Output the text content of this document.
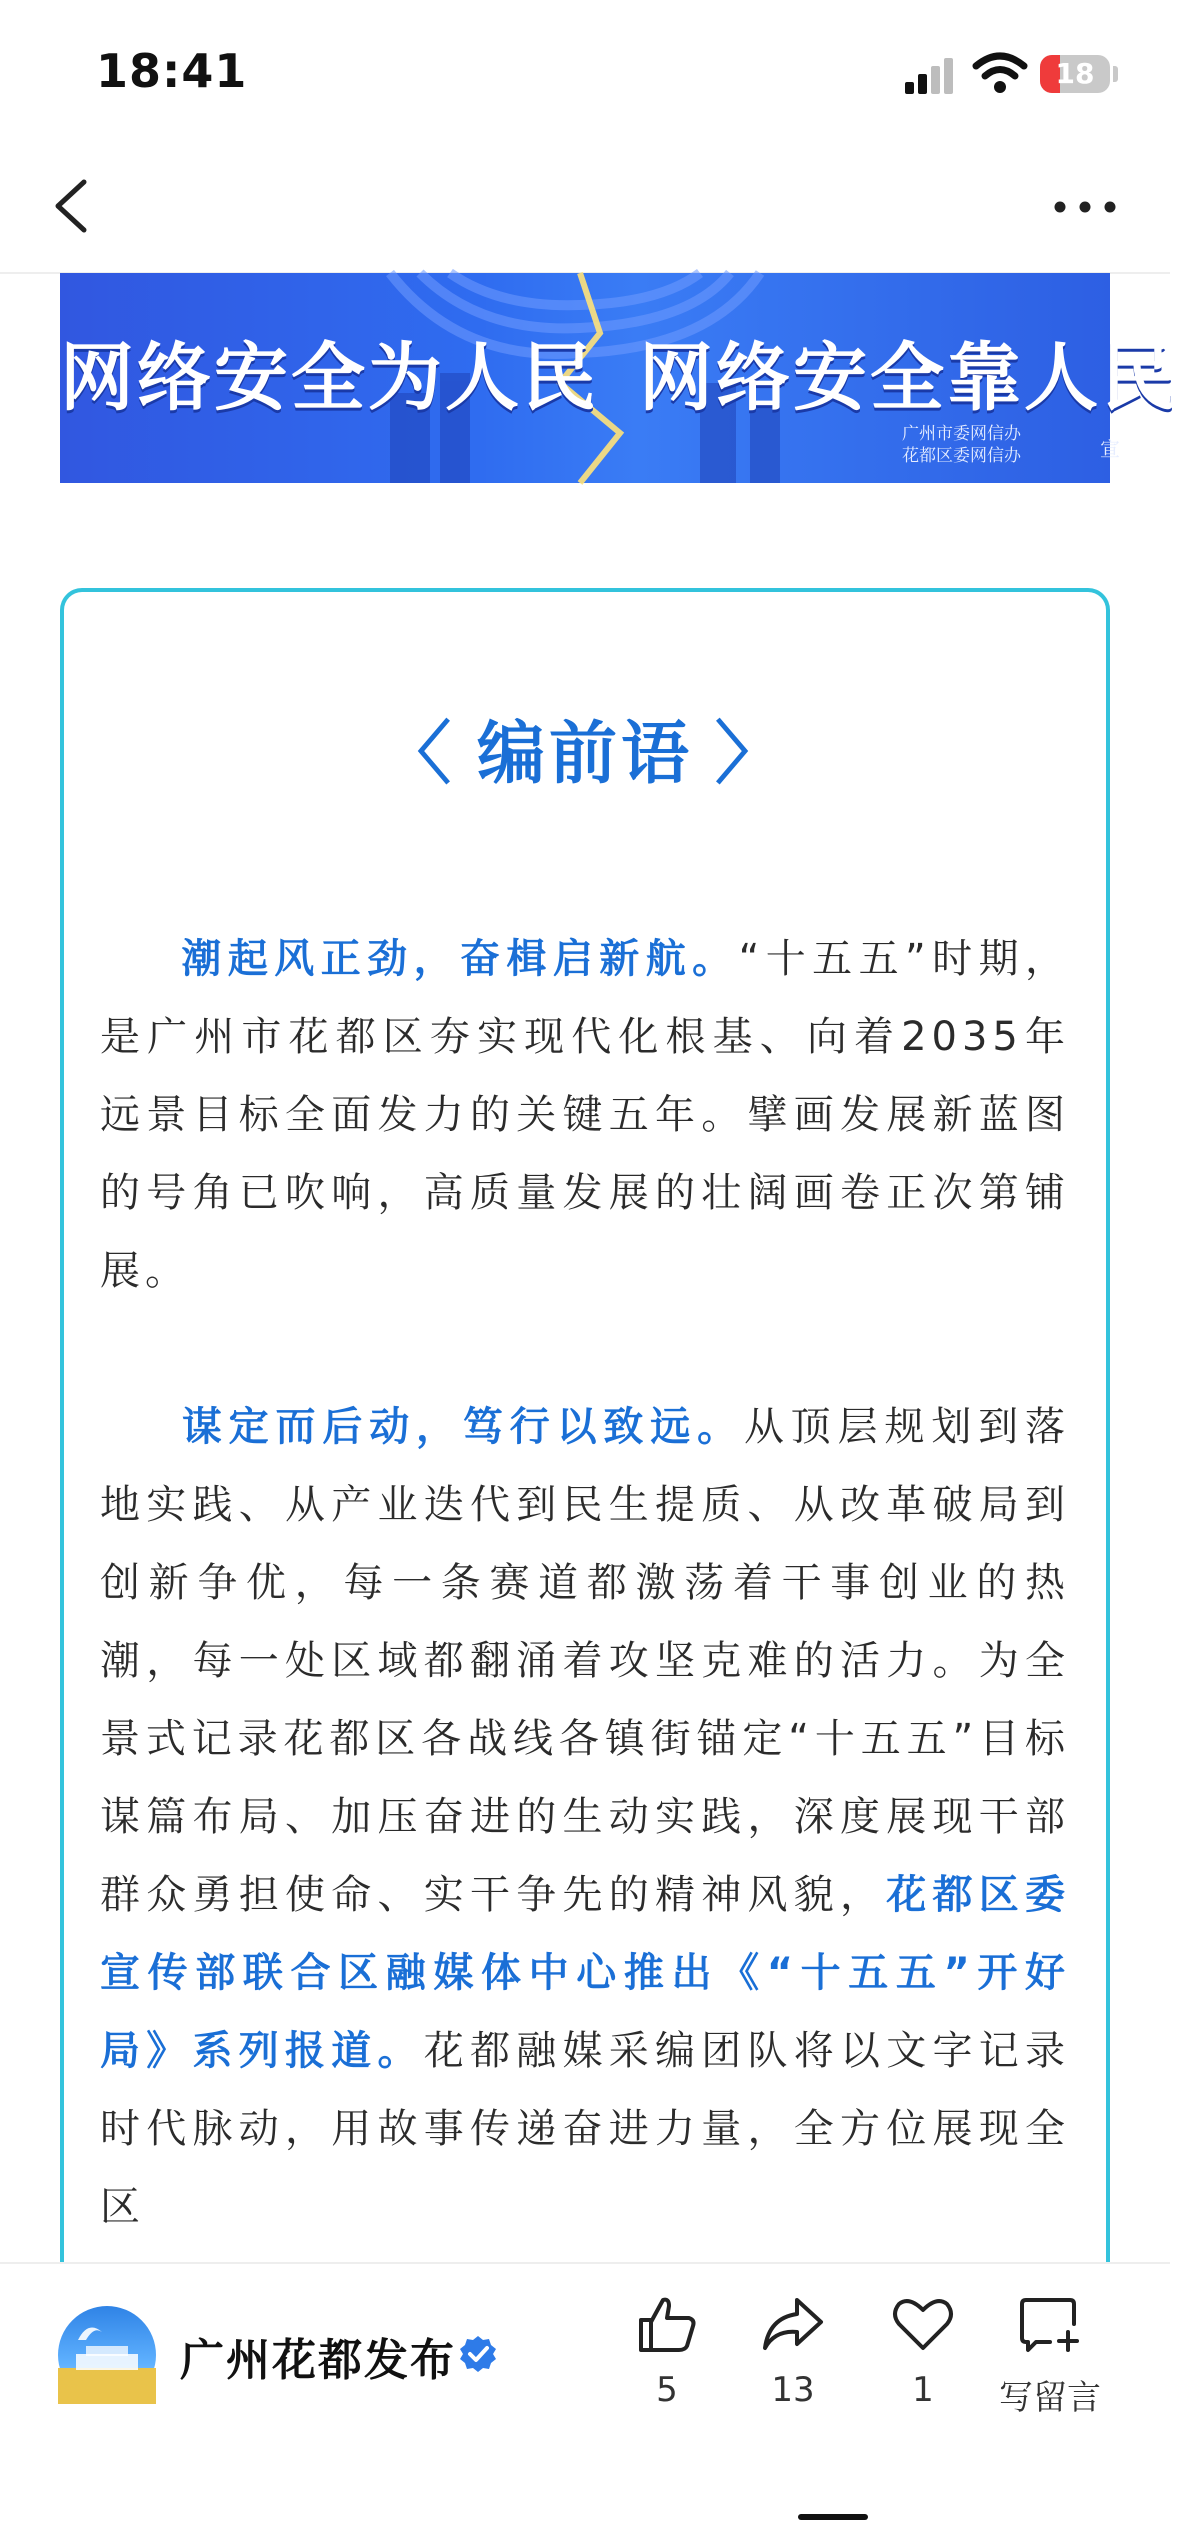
18:41	18
网络安全为人民 网络安全靠人民
广州市委网信办
花都区委网信办	宣
〈 编前语 〉

潮起风正劲，奋楫启新航。“十五五”时期，是广州市花都区夯实现代化根基、向着2035年远景目标全面发力的关键五年。擘画发展新蓝图的号角已吹响，高质量发展的壮阔画卷正次第铺展。

谋定而后动，笃行以致远。从顶层规划到落地实践、从产业迭代到民生提质、从改革破局到创新争优，每一条赛道都激荡着干事创业的热潮，每一处区域都翻涌着攻坚克难的活力。为全景式记录花都区各战线各镇街锚定“十五五”目标谋篇布局、加压奋进的生动实践，深度展现干部群众勇担使命、实干争先的精神风貌，花都区委宣传部联合区融媒体中心推出《“十五五”开好局》系列报道。花都融媒采编团队将以文字记录时代脉动，用故事传递奋进力量，全方位展现全区

广州花都发布
5	13	1	写留言
